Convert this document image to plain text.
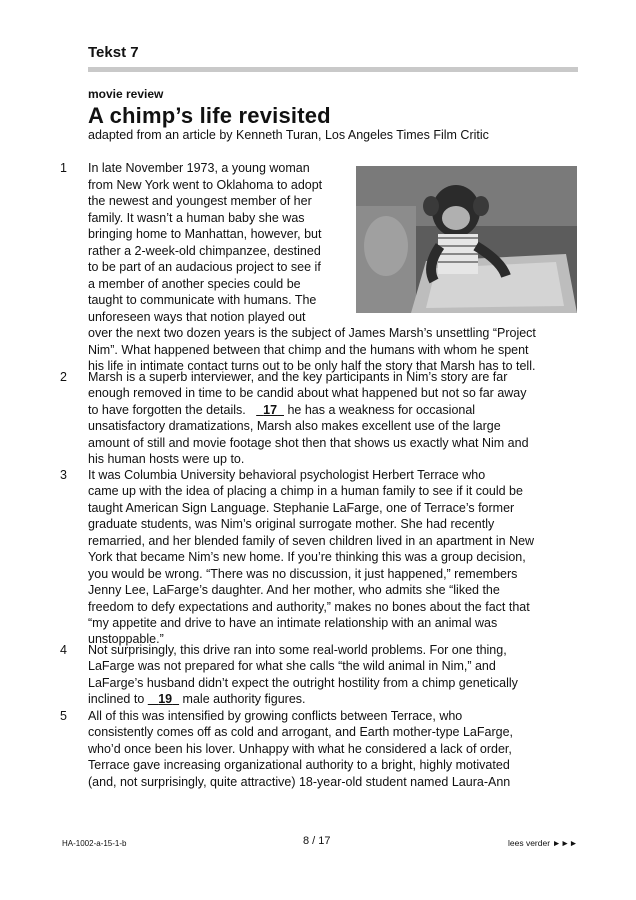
Tekst 7
movie review
A chimp’s life revisited
adapted from an article by Kenneth Turan, Los Angeles Times Film Critic
1
2
3
4
5
In late November 1973, a young woman
from New York went to Oklahoma to adopt
the newest and youngest member of her
family. It wasn’t a human baby she was
bringing home to Manhattan, however, but
rather a 2-week-old chimpanzee, destined
to be part of an audacious project to see if
a member of another species could be
taught to communicate with humans. The
unforeseen ways that notion played out
over the next two dozen years is the subject of James Marsh’s unsettling “Project
Nim”. What happened between that chimp and the humans with whom he spent
his life in intimate contact turns out to be only half the story that Marsh has to tell.
Marsh is a superb interviewer, and the key participants in Nim’s story are far
enough removed in time to be candid about what happened but not so far away
to have forgotten the details. 17 he has a weakness for occasional
unsatisfactory dramatizations, Marsh also makes excellent use of the large
amount of still and movie footage shot then that shows us exactly what Nim and
his human hosts were up to.
It was Columbia University behavioral psychologist Herbert Terrace who
came up with the idea of placing a chimp in a human family to see if it could be
taught American Sign Language. Stephanie LaFarge, one of Terrace’s former
graduate students, was Nim’s original surrogate mother. She had recently
remarried, and her blended family of seven children lived in an apartment in New
York that became Nim’s new home. If you’re thinking this was a group decision,
you would be wrong. “There was no discussion, it just happened,” remembers
Jenny Lee, LaFarge’s daughter. And her mother, who admits she “liked the
freedom to defy expectations and authority,” makes no bones about the fact that
“my appetite and drive to have an intimate relationship with an animal was
unstoppable.”
Not surprisingly, this drive ran into some real-world problems. For one thing,
LaFarge was not prepared for what she calls “the wild animal in Nim,” and
LaFarge’s husband didn’t expect the outright hostility from a chimp genetically
inclined to 19 male authority figures.
All of this was intensified by growing conflicts between Terrace, who
consistently comes off as cold and arrogant, and Earth mother-type LaFarge,
who’d once been his lover. Unhappy with what he considered a lack of order,
Terrace gave increasing organizational authority to a bright, highly motivated
(and, not surprisingly, quite attractive) 18-year-old student named Laura-Ann
HA-1002-a-15-1-b	8 / 17	lees verder ►►►
